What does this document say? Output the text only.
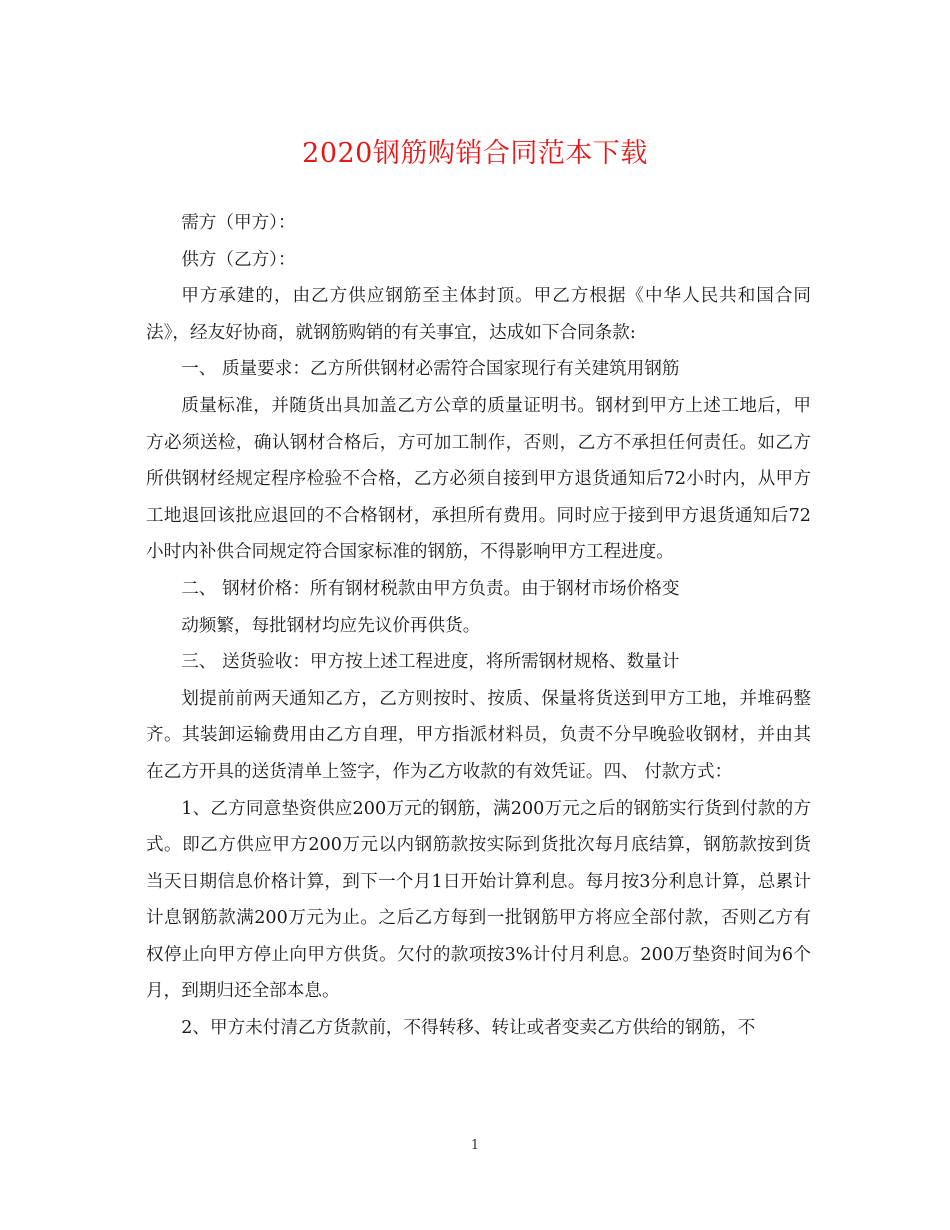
2020钢筋购销合同范本下载

需方（甲方）：

供方（乙方）：

甲方承建的，由乙方供应钢筋至主体封顶。甲乙方根据《中华人民共和国合同法》，经友好协商，就钢筋购销的有关事宜，达成如下合同条款:

一、 质量要求：乙方所供钢材必需符合国家现行有关建筑用钢筋

质量标准，并随货出具加盖乙方公章的质量证明书。钢材到甲方上述工地后，甲方必须送检，确认钢材合格后，方可加工制作，否则，乙方不承担任何责任。如乙方所供钢材经规定程序检验不合格，乙方必须自接到甲方退货通知后72小时内，从甲方工地退回该批应退回的不合格钢材，承担所有费用。同时应于接到甲方退货通知后72小时内补供合同规定符合国家标准的钢筋，不得影响甲方工程进度。

二、 钢材价格：所有钢材税款由甲方负责。由于钢材市场价格变

动频繁，每批钢材均应先议价再供货。

三、 送货验收：甲方按上述工程进度，将所需钢材规格、数量计

划提前前两天通知乙方，乙方则按时、按质、保量将货送到甲方工地，并堆码整齐。其装卸运输费用由乙方自理，甲方指派材料员，负责不分早晚验收钢材，并由其在乙方开具的送货清单上签字，作为乙方收款的有效凭证。四、 付款方式：

1、乙方同意垫资供应200万元的钢筋，满200万元之后的钢筋实行货到付款的方式。即乙方供应甲方200万元以内钢筋款按实际到货批次每月底结算，钢筋款按到货当天日期信息价格计算，到下一个月1日开始计算利息。每月按3分利息计算，总累计计息钢筋款满200万元为止。之后乙方每到一批钢筋甲方将应全部付款，否则乙方有权停止向甲方停止向甲方供货。欠付的款项按3%计付月利息。200万垫资时间为6个月，到期归还全部本息。

2、甲方未付清乙方货款前，不得转移、转让或者变卖乙方供给的钢筋，不

1
